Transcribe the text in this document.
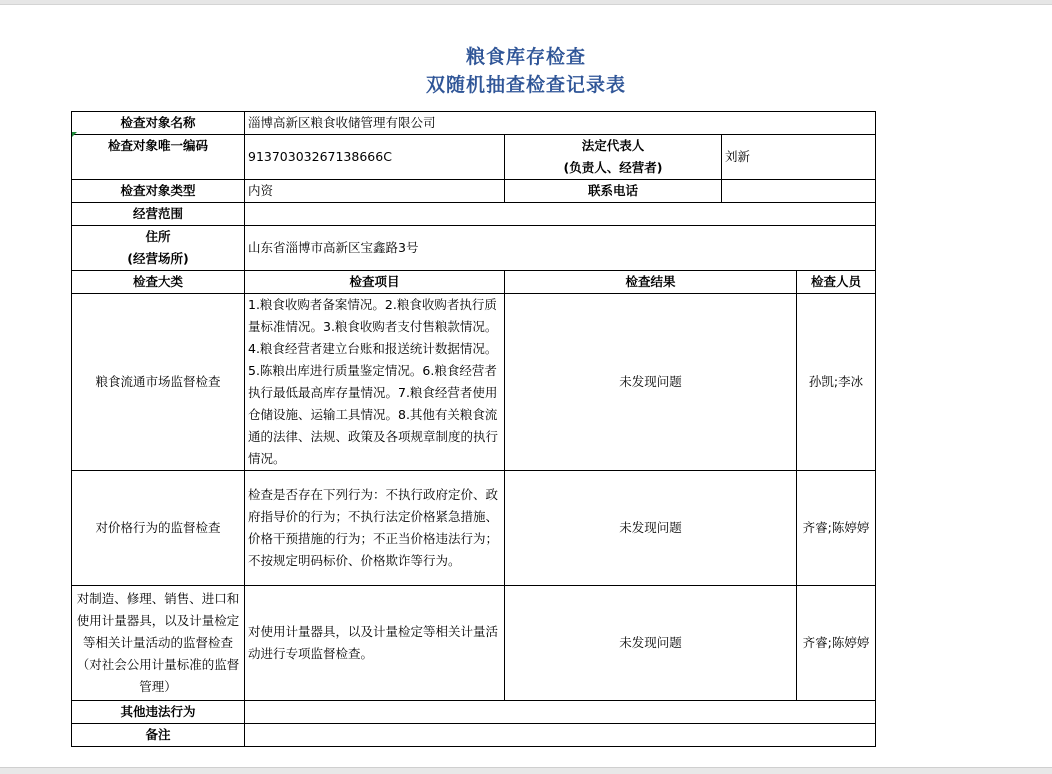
粮食库存检查
双随机抽查检查记录表
检查对象名称	淄博高新区粮食收储管理有限公司			
检查对象唯一编码	91370303267138666C	法定代表人
(负责人、经营者)	刘新	
检查对象类型	内资	联系电话		
经营范围				

住所
(经营场所)	山东省淄博市高新区宝鑫路3号			
检查大类	检查项目	检查结果		检查人员
粮食流通市场监督检查	1.粮食收购者备案情况。2.粮食收购者执行质量标准情况。3.粮食收购者支付售粮款情况。4.粮食经营者建立台账和报送统计数据情况。5.陈粮出库进行质量鉴定情况。6.粮食经营者执行最低最高库存量情况。7.粮食经营者使用仓储设施、运输工具情况。8.其他有关粮食流通的法律、法规、政策及各项规章制度的执行情况。	未发现问题		孙凯;李冰
对价格行为的监督检查	检查是否存在下列行为：不执行政府定价、政府指导价的行为；不执行法定价格紧急措施、价格干预措施的行为；不正当价格违法行为；不按规定明码标价、价格欺诈等行为。	未发现问题		齐睿;陈婷婷
对制造、修理、销售、进口和使用计量器具，以及计量检定等相关计量活动的监督检查（对社会公用计量标准的监督管理）	对使用计量器具，以及计量检定等相关计量活动进行专项监督检查。	未发现问题		齐睿;陈婷婷
其他违法行为				
备注				
